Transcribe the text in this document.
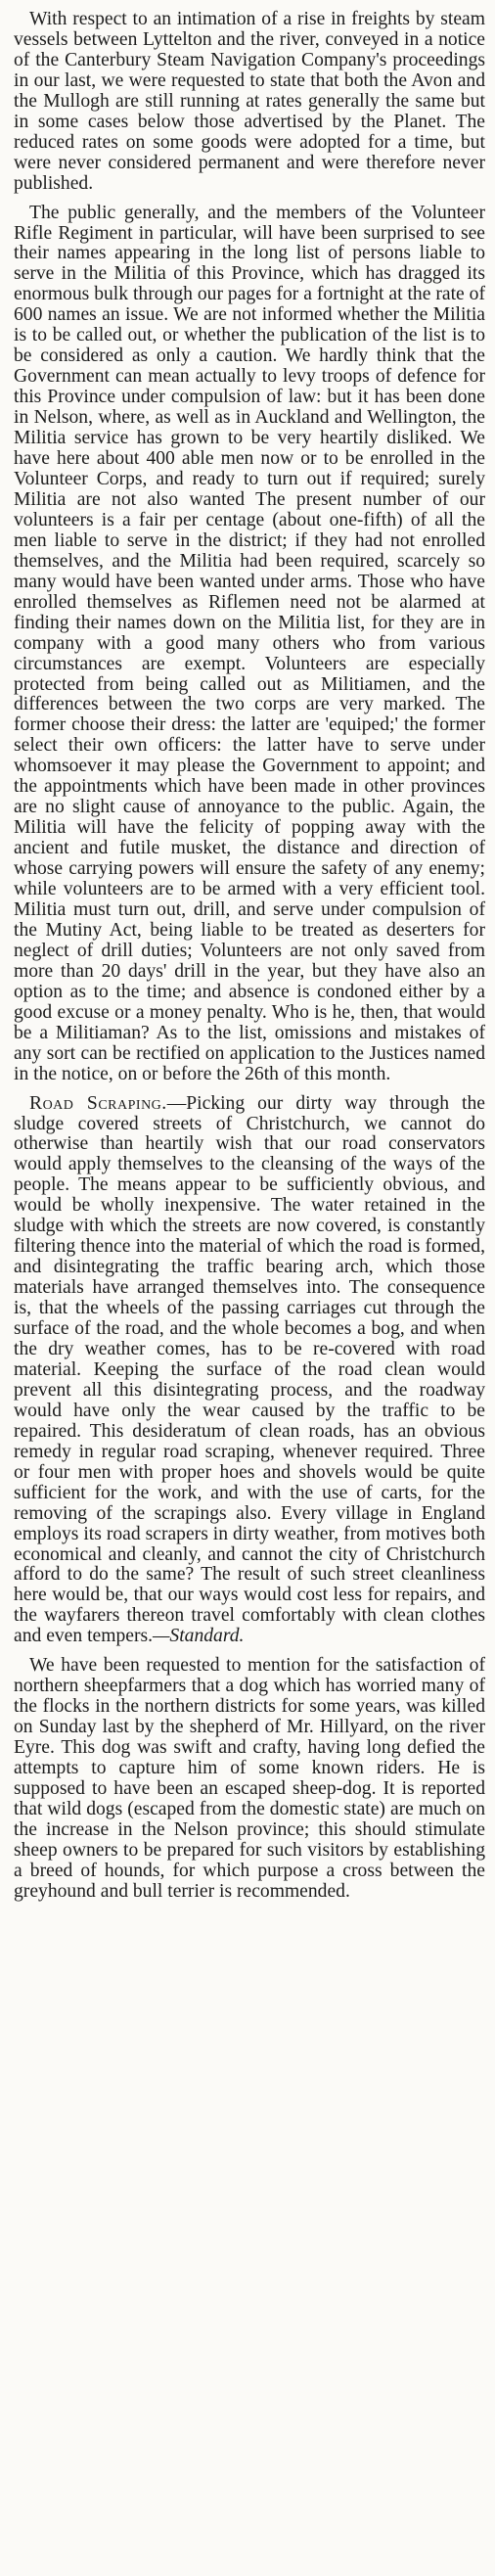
With respect to an intimation of a rise in freights by steam vessels between Lyttelton and the river, conveyed in a notice of the Canterbury Steam Navigation Company's proceedings in our last, we were requested to state that both the Avon and the Mullogh are still running at rates generally the same but in some cases below those advertised by the Planet. The reduced rates on some goods were adopted for a time, but were never considered permanent and were therefore never published.

The public generally, and the members of the Volunteer Rifle Regiment in particular, will have been surprised to see their names appearing in the long list of persons liable to serve in the Militia of this Province, which has dragged its enormous bulk through our pages for a fortnight at the rate of 600 names an issue. We are not informed whether the Militia is to be called out, or whether the publication of the list is to be considered as only a caution. We hardly think that the Government can mean actually to levy troops of defence for this Province under compulsion of law: but it has been done in Nelson, where, as well as in Auckland and Wellington, the Militia service has grown to be very heartily disliked. We have here about 400 able men now or to be enrolled in the Volunteer Corps, and ready to turn out if required; surely Militia are not also wanted The present number of our volunteers is a fair per centage (about one-fifth) of all the men liable to serve in the district; if they had not enrolled themselves, and the Militia had been required, scarcely so many would have been wanted under arms. Those who have enrolled themselves as Riflemen need not be alarmed at finding their names down on the Militia list, for they are in company with a good many others who from various circumstances are exempt. Volunteers are especially protected from being called out as Militiamen, and the differences between the two corps are very marked. The former choose their dress: the latter are 'equiped;' the former select their own officers: the latter have to serve under whomsoever it may please the Government to appoint; and the appointments which have been made in other provinces are no slight cause of annoyance to the public. Again, the Militia will have the felicity of popping away with the ancient and futile musket, the distance and direction of whose carrying powers will ensure the safety of any enemy; while volunteers are to be armed with a very efficient tool. Militia must turn out, drill, and serve under compulsion of the Mutiny Act, being liable to be treated as deserters for neglect of drill duties; Volunteers are not only saved from more than 20 days' drill in the year, but they have also an option as to the time; and absence is condoned either by a good excuse or a money penalty. Who is he, then, that would be a Militiaman? As to the list, omissions and mistakes of any sort can be rectified on application to the Justices named in the notice, on or before the 26th of this month.

Road Scraping.—Picking our dirty way through the sludge covered streets of Christchurch, we cannot do otherwise than heartily wish that our road conservators would apply themselves to the cleansing of the ways of the people. The means appear to be sufficiently obvious, and would be wholly inexpensive. The water retained in the sludge with which the streets are now covered, is constantly filtering thence into the material of which the road is formed, and disintegrating the traffic bearing arch, which those materials have arranged themselves into. The consequence is, that the wheels of the passing carriages cut through the surface of the road, and the whole becomes a bog, and when the dry weather comes, has to be re-covered with road material. Keeping the surface of the road clean would prevent all this disintegrating process, and the roadway would have only the wear caused by the traffic to be repaired. This desideratum of clean roads, has an obvious remedy in regular road scraping, whenever required. Three or four men with proper hoes and shovels would be quite sufficient for the work, and with the use of carts, for the removing of the scrapings also. Every village in England employs its road scrapers in dirty weather, from motives both economical and cleanly, and cannot the city of Christchurch afford to do the same? The result of such street cleanliness here would be, that our ways would cost less for repairs, and the wayfarers thereon travel comfortably with clean clothes and even tempers.—Standard.

We have been requested to mention for the satisfaction of northern sheepfarmers that a dog which has worried many of the flocks in the northern districts for some years, was killed on Sunday last by the shepherd of Mr. Hillyard, on the river Eyre. This dog was swift and crafty, having long defied the attempts to capture him of some known riders. He is supposed to have been an escaped sheep-dog. It is reported that wild dogs (escaped from the domestic state) are much on the increase in the Nelson province; this should stimulate sheep owners to be prepared for such visitors by establishing a breed of hounds, for which purpose a cross between the greyhound and bull terrier is recommended.
